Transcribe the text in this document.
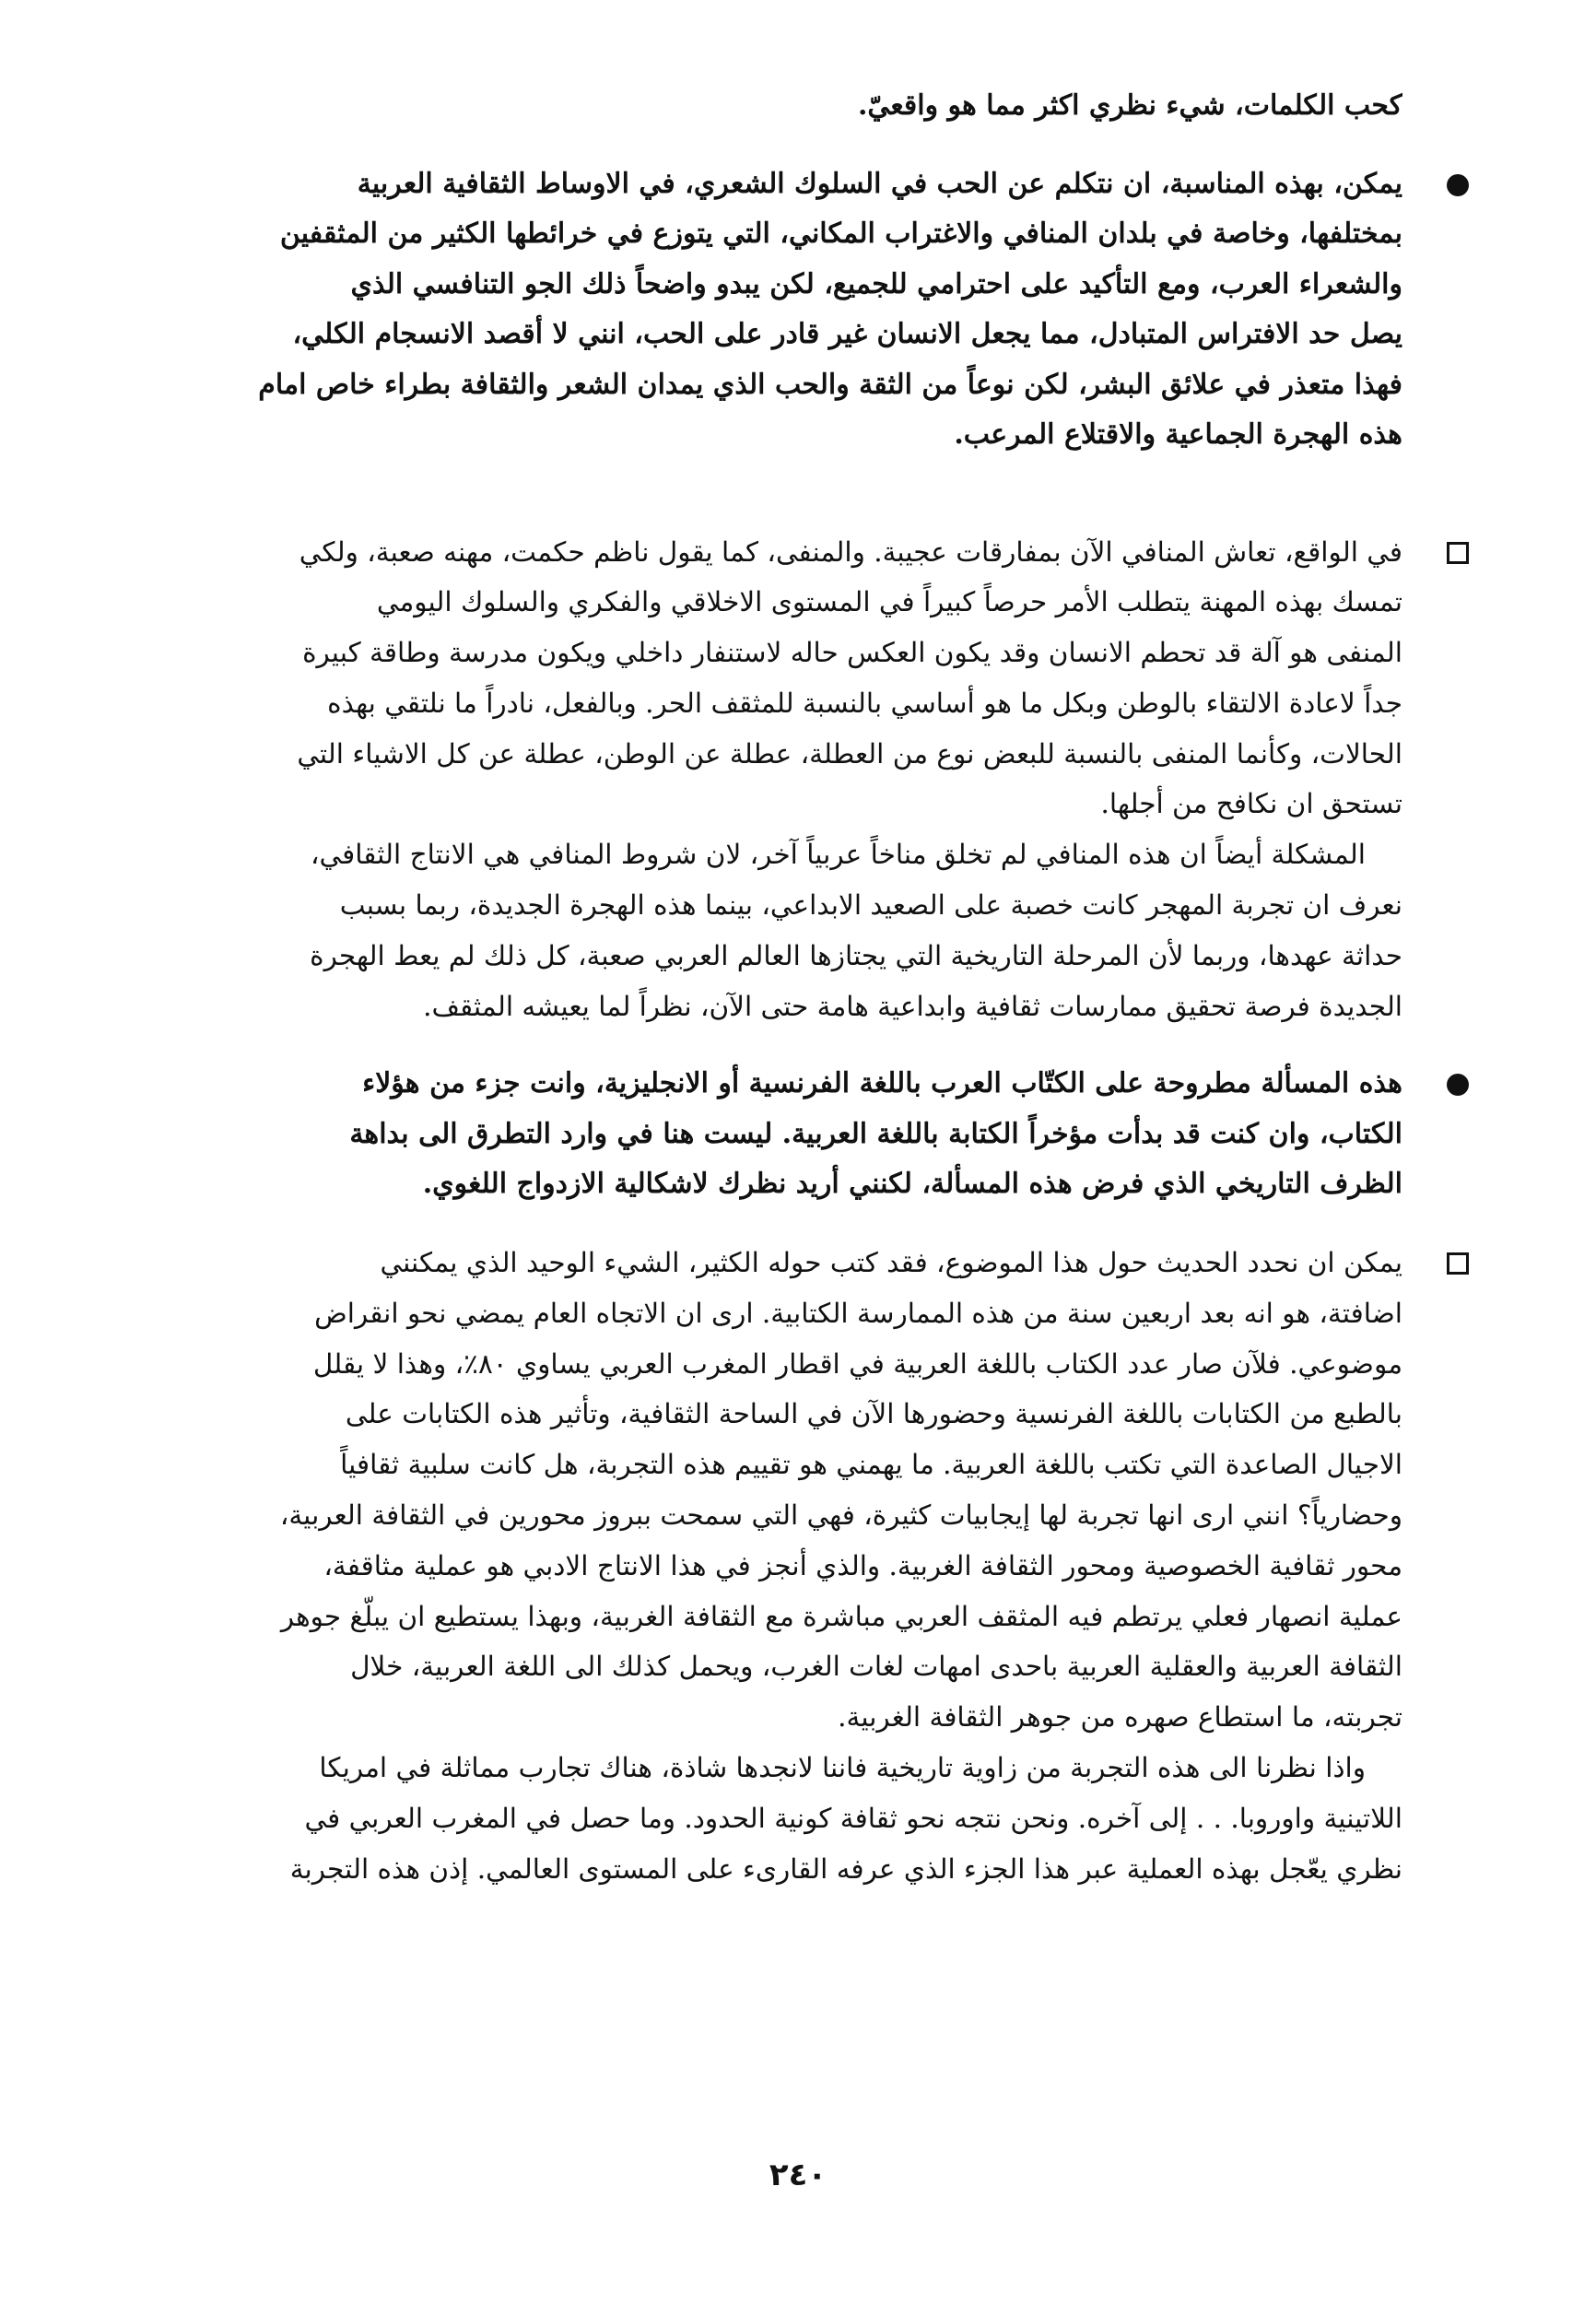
كحب الكلمات، شيء نظري اكثر مما هو واقعيّ.

يمكن، بهذه المناسبة، ان نتكلم عن الحب في السلوك الشعري، في الاوساط الثقافية العربية
بمختلفها، وخاصة في بلدان المنافي والاغتراب المكاني، التي يتوزع في خرائطها الكثير من المثقفين
والشعراء العرب، ومع التأكيد على احترامي للجميع، لكن يبدو واضحاً ذلك الجو التنافسي الذي
يصل حد الافتراس المتبادل، مما يجعل الانسان غير قادر على الحب، انني لا أقصد الانسجام الكلي،
فهذا متعذر في علائق البشر، لكن نوعاً من الثقة والحب الذي يمدان الشعر والثقافة بطراء خاص امام
هذه الهجرة الجماعية والاقتلاع المرعب.

في الواقع، تعاش المنافي الآن بمفارقات عجيبة. والمنفى، كما يقول ناظم حكمت، مهنه صعبة، ولكي
تمسك بهذه المهنة يتطلب الأمر حرصاً كبيراً في المستوى الاخلاقي والفكري والسلوك اليومي
المنفى هو آلة قد تحطم الانسان وقد يكون العكس حاله لاستنفار داخلي ويكون مدرسة وطاقة كبيرة
جداً لاعادة الالتقاء بالوطن وبكل ما هو أساسي بالنسبة للمثقف الحر. وبالفعل، نادراً ما نلتقي بهذه
الحالات، وكأنما المنفى بالنسبة للبعض نوع من العطلة، عطلة عن الوطن، عطلة عن كل الاشياء التي
تستحق ان نكافح من أجلها.

المشكلة أيضاً ان هذه المنافي لم تخلق مناخاً عربياً آخر، لان شروط المنافي هي الانتاج الثقافي،
نعرف ان تجربة المهجر كانت خصبة على الصعيد الابداعي، بينما هذه الهجرة الجديدة، ربما بسبب
حداثة عهدها، وربما لأن المرحلة التاريخية التي يجتازها العالم العربي صعبة، كل ذلك لم يعط الهجرة
الجديدة فرصة تحقيق ممارسات ثقافية وابداعية هامة حتى الآن، نظراً لما يعيشه المثقف.

هذه المسألة مطروحة على الكتّاب العرب باللغة الفرنسية أو الانجليزية، وانت جزء من هؤلاء
الكتاب، وان كنت قد بدأت مؤخراً الكتابة باللغة العربية. ليست هنا في وارد التطرق الى بداهة
الظرف التاريخي الذي فرض هذه المسألة، لكنني أريد نظرك لاشكالية الازدواج اللغوي.

يمكن ان نحدد الحديث حول هذا الموضوع، فقد كتب حوله الكثير، الشيء الوحيد الذي يمكنني
اضافتة، هو انه بعد اربعين سنة من هذه الممارسة الكتابية. ارى ان الاتجاه العام يمضي نحو انقراض
موضوعي. فلآن صار عدد الكتاب باللغة العربية في اقطار المغرب العربي يساوي ٨٠٪، وهذا لا يقلل
بالطبع من الكتابات باللغة الفرنسية وحضورها الآن في الساحة الثقافية، وتأثير هذه الكتابات على
الاجيال الصاعدة التي تكتب باللغة العربية. ما يهمني هو تقييم هذه التجربة، هل كانت سلبية ثقافياً
وحضارياً؟ انني ارى انها تجربة لها إيجابيات كثيرة، فهي التي سمحت ببروز محورين في الثقافة العربية،
محور ثقافية الخصوصية ومحور الثقافة الغربية. والذي أنجز في هذا الانتاج الادبي هو عملية مثاقفة،
عملية انصهار فعلي يرتطم فيه المثقف العربي مباشرة مع الثقافة الغربية، وبهذا يستطيع ان يبلّغ جوهر
الثقافة العربية والعقلية العربية باحدى امهات لغات الغرب، ويحمل كذلك الى اللغة العربية، خلال
تجربته، ما استطاع صهره من جوهر الثقافة الغربية.

واذا نظرنا الى هذه التجربة من زاوية تاريخية فاننا لانجدها شاذة، هناك تجارب مماثلة في امريكا
اللاتينية واوروبا. . . إلى آخره. ونحن نتجه نحو ثقافة كونية الحدود. وما حصل في المغرب العربي في
نظري يعّجل بهذه العملية عبر هذا الجزء الذي عرفه القارىء على المستوى العالمي. إذن هذه التجربة

٢٤٠
